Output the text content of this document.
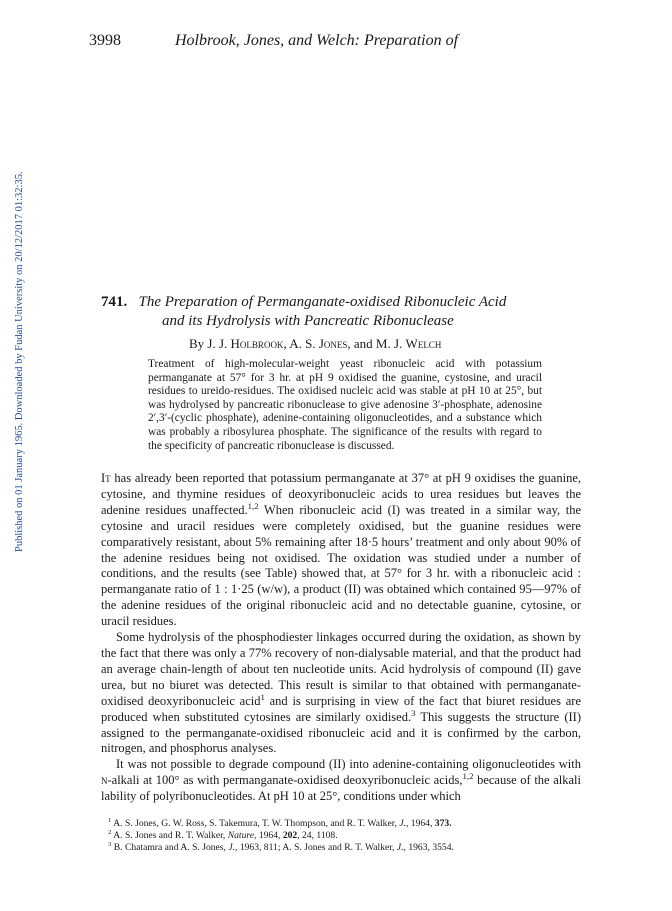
3998	Holbrook, Jones, and Welch: Preparation of
Published on 01 January 1965. Downloaded by Fudan University on 20/12/2017 01:32:35.	741. The Preparation of Permanganate-oxidised Ribonucleic Acid
and its Hydrolysis with Pancreatic Ribonuclease
By J. J. Holbrook, A. S. Jones, and M. J. Welch

Treatment of high-molecular-weight yeast ribonucleic acid with potassium permanganate at 57° for 3 hr. at pH 9 oxidised the guanine, cystosine, and uracil residues to ureido-residues. The oxidised nucleic acid was stable at pH 10 at 25°, but was hydrolysed by pancreatic ribonuclease to give adenosine 3′-phosphate, adenosine 2′,3′-(cyclic phosphate), adenine-containing oligonucleotides, and a substance which was probably a ribosylurea phosphate. The significance of the results with regard to the specificity of pancreatic ribonuclease is discussed.

It has already been reported that potassium permanganate at 37° at pH 9 oxidises the guanine, cytosine, and thymine residues of deoxyribonucleic acids to urea residues but leaves the adenine residues unaffected.$^{1,2}$ When ribonucleic acid (I) was treated in a similar way, the cytosine and uracil residues were completely oxidised, but the guanine residues were comparatively resistant, about 5% remaining after 18·5 hours’ treatment and only about 90% of the adenine residues being not oxidised. The oxidation was studied under a number of conditions, and the results (see Table) showed that, at 57° for 3 hr. with a ribonucleic acid : permanganate ratio of 1 : 1·25 (w/w), a product (II) was obtained which contained 95—97% of the adenine residues of the original ribonucleic acid and no detectable guanine, cytosine, or uracil residues.

Some hydrolysis of the phosphodiester linkages occurred during the oxidation, as shown by the fact that there was only a 77% recovery of non-dialysable material, and that the product had an average chain-length of about ten nucleotide units. Acid hydrolysis of compound (II) gave urea, but no biuret was detected. This result is similar to that obtained with permanganate-oxidised deoxyribonucleic acid$^1$ and is surprising in view of the fact that biuret residues are produced when substituted cytosines are similarly oxidised.$^3$ This suggests the structure (II) assigned to the permanganate-oxidised ribonucleic acid and it is confirmed by the carbon, nitrogen, and phosphorus analyses.

It was not possible to degrade compound (II) into adenine-containing oligonucleotides with n-alkali at 100° as with permanganate-oxidised deoxyribonucleic acids,$^{1,2}$ because of the alkali lability of polyribonucleotides. At pH 10 at 25°, conditions under which

$^1$ A. S. Jones, G. W. Ross, S. Takemura, T. W. Thompson, and R. T. Walker, J., 1964, 373.
$^2$ A. S. Jones and R. T. Walker, Nature, 1964, 202, 24, 1108.
$^3$ B. Chatamra and A. S. Jones, J., 1963, 811; A. S. Jones and R. T. Walker, J., 1963, 3554.
